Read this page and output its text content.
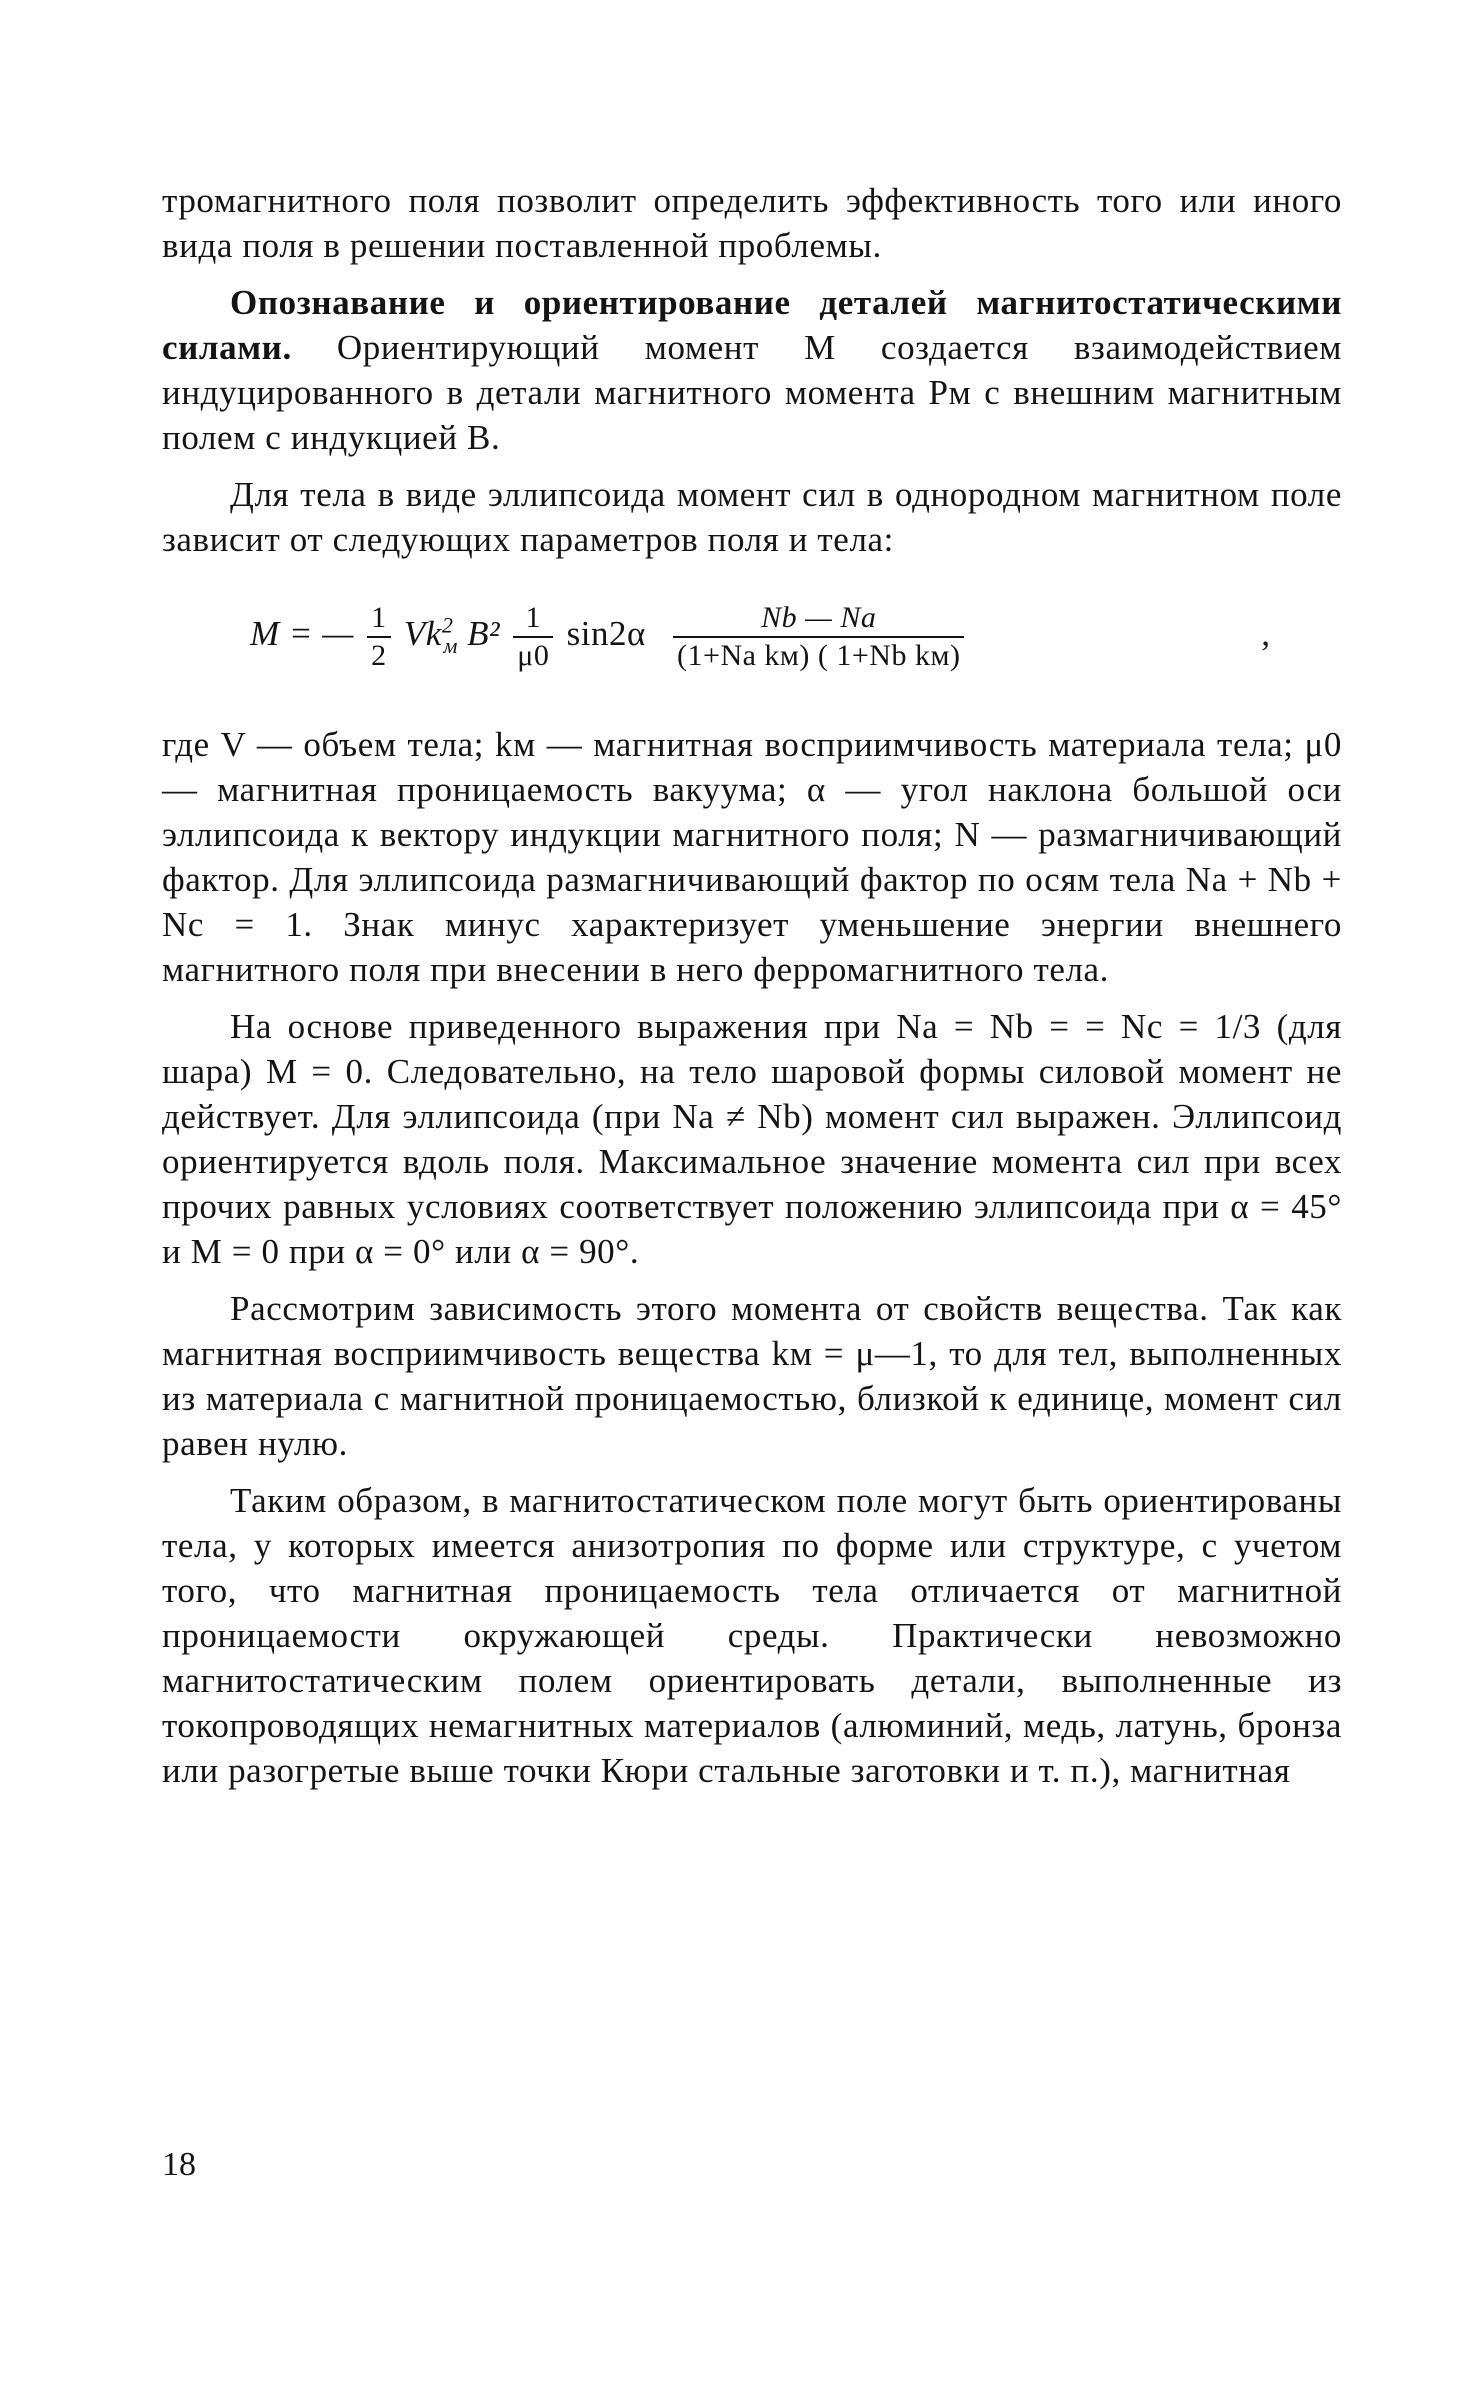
тромагнитного поля позволит определить эффективность того или иного вида поля в решении поставленной проблемы.

Опознавание и ориентирование деталей магнитостатическими силами. Ориентирующий момент M создается взаимодействием индуцированного в детали магнитного момента Pм с внешним магнитным полем с индукцией B.

Для тела в виде эллипсоида момент сил в однородном магнитном поле зависит от следующих параметров поля и тела:

M = — $\frac{1}{2} Vk^2_м$ $B^2 \frac{1}{\mu 0} \sin 2\alpha \frac{Nb — Na}{\text{(1+Na kм) ( 1+Nb kм)}}$	,

где V — объем тела; kм — магнитная восприимчивость материала тела; μ0 — магнитная проницаемость вакуума; α — угол наклона большой оси эллипсоида к вектору индукции магнитного поля; N — размагничивающий фактор. Для эллипсоида размагничивающий фактор по осям тела Na + Nb + Nc = 1. Знак минус характеризует уменьшение энергии внешнего магнитного поля при внесении в него ферромагнитного тела.

На основе приведенного выражения при Na = Nb = = Nc = 1/3 (для шара) M = 0. Следовательно, на тело шаровой формы силовой момент не действует. Для эллипсоида (при Na ≠ Nb) момент сил выражен. Эллипсоид ориентируется вдоль поля. Максимальное значение момента сил при всех прочих равных условиях соответствует положению эллипсоида при α = 45° и M = 0 при α = 0° или α = 90°.

Рассмотрим зависимость этого момента от свойств вещества. Так как магнитная восприимчивость вещества kм = μ—1, то для тел, выполненных из материала с магнитной проницаемостью, близкой к единице, момент сил равен нулю.

Таким образом, в магнитостатическом поле могут быть ориентированы тела, у которых имеется анизотропия по форме или структуре, с учетом того, что магнитная проницаемость тела отличается от магнитной проницаемости окружающей среды. Практически невозможно магнитостатическим полем ориентировать детали, выполненные из токопроводящих немагнитных материалов (алюминий, медь, латунь, бронза или разогретые выше точки Кюри стальные заготовки и т. п.), магнитная

18
